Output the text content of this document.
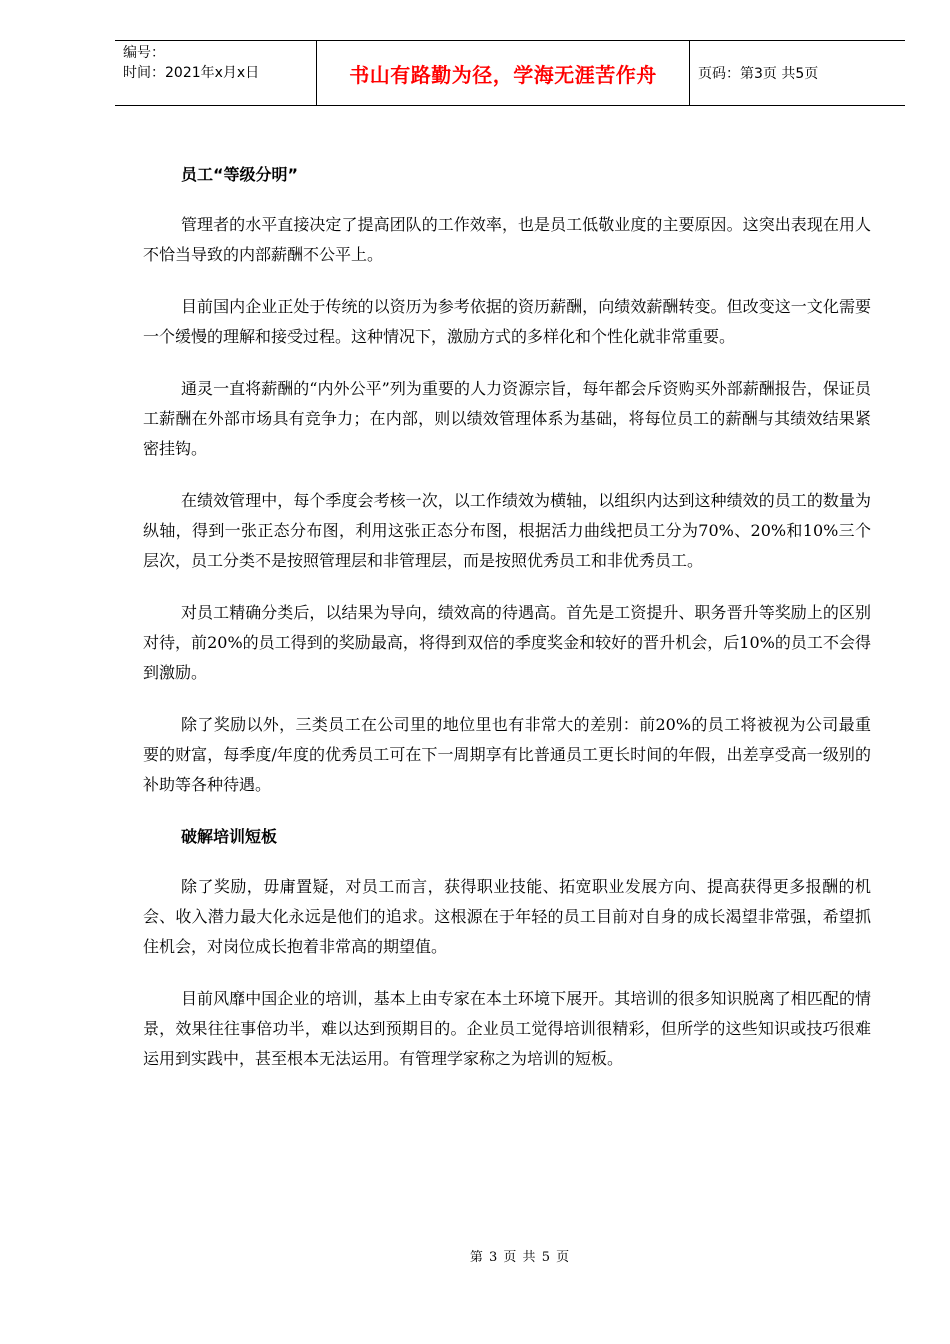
编号：
时间：2021年x月x日	书山有路勤为径，学海无涯苦作舟	页码：第3页 共5页
员工“等级分明”

管理者的水平直接决定了提高团队的工作效率，也是员工低敬业度的主要原因。这突出表现在用人不恰当导致的内部薪酬不公平上。

目前国内企业正处于传统的以资历为参考依据的资历薪酬，向绩效薪酬转变。但改变这一文化需要一个缓慢的理解和接受过程。这种情况下，激励方式的多样化和个性化就非常重要。

通灵一直将薪酬的“内外公平”列为重要的人力资源宗旨，每年都会斥资购买外部薪酬报告，保证员工薪酬在外部市场具有竞争力；在内部，则以绩效管理体系为基础，将每位员工的薪酬与其绩效结果紧密挂钩。

在绩效管理中，每个季度会考核一次，以工作绩效为横轴，以组织内达到这种绩效的员工的数量为纵轴，得到一张正态分布图，利用这张正态分布图，根据活力曲线把员工分为70%、20%和10%三个层次，员工分类不是按照管理层和非管理层，而是按照优秀员工和非优秀员工。

对员工精确分类后，以结果为导向，绩效高的待遇高。首先是工资提升、职务晋升等奖励上的区别对待，前20%的员工得到的奖励最高，将得到双倍的季度奖金和较好的晋升机会，后10%的员工不会得到激励。

除了奖励以外，三类员工在公司里的地位里也有非常大的差别：前20%的员工将被视为公司最重要的财富，每季度/年度的优秀员工可在下一周期享有比普通员工更长时间的年假，出差享受高一级别的补助等各种待遇。

破解培训短板

除了奖励，毋庸置疑，对员工而言，获得职业技能、拓宽职业发展方向、提高获得更多报酬的机会、收入潜力最大化永远是他们的追求。这根源在于年轻的员工目前对自身的成长渴望非常强，希望抓住机会，对岗位成长抱着非常高的期望值。

目前风靡中国企业的培训，基本上由专家在本土环境下展开。其培训的很多知识脱离了相匹配的情景，效果往往事倍功半，难以达到预期目的。企业员工觉得培训很精彩，但所学的这些知识或技巧很难运用到实践中，甚至根本无法运用。有管理学家称之为培训的短板。

第 3 页 共 5 页
